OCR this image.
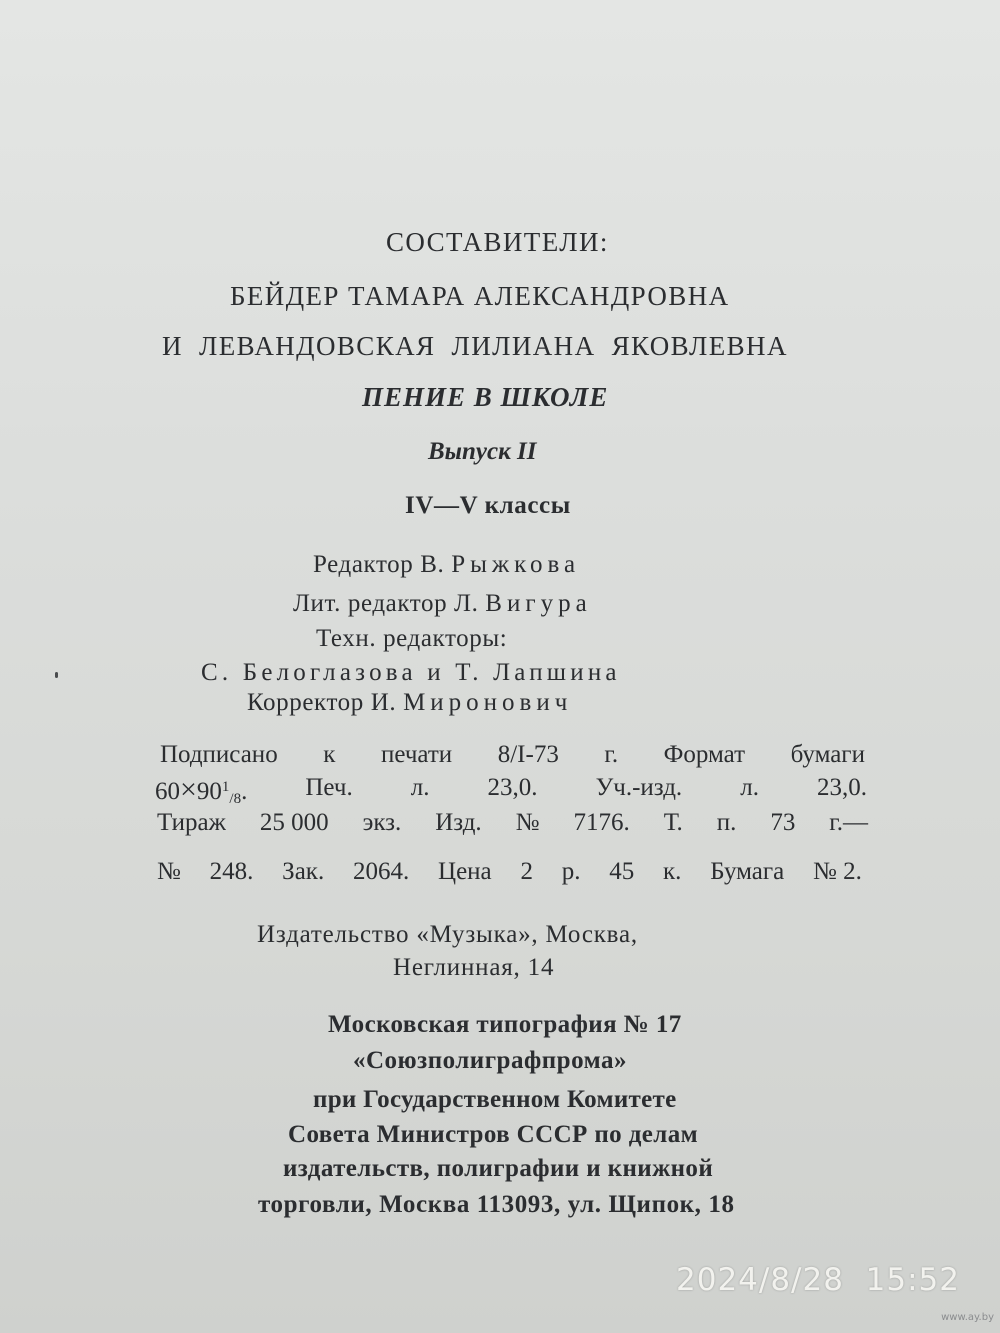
СОСТАВИТЕЛИ:
БЕЙДЕР ТАМАРА АЛЕКСАНДРОВНА
И ЛЕВАНДОВСКАЯ ЛИЛИАНА ЯКОВЛЕВНА
ПЕНИЕ В ШКОЛЕ
Выпуск II
IV—V классы
Редактор В. Рыжкова
Лит. редактор Л. Вигура
Техн. редакторы:
С. Белоглазова и Т. Лапшина
Корректор И. Миронович
Подписано к печати 8/I-73 г. Формат бумаги
$60\times 90^1_{/8}$. Печ. л. 23,0. Уч.-изд. л. 23,0.
Тираж 25 000 экз. Изд. № 7176. Т. п. 73 г.—
№ 248. Зак. 2064. Цена 2 р. 45 к. Бумага № 2.
Издательство «Музыка», Москва,
Неглинная, 14
Московская типография № 17
«Союзполиграфпрома»
при Государственном Комитете
Совета Министров СССР по делам
издательств, полиграфии и книжной
торговли, Москва 113093, ул. Щипок, 18
2024/8/28  15:52
www.ay.by
